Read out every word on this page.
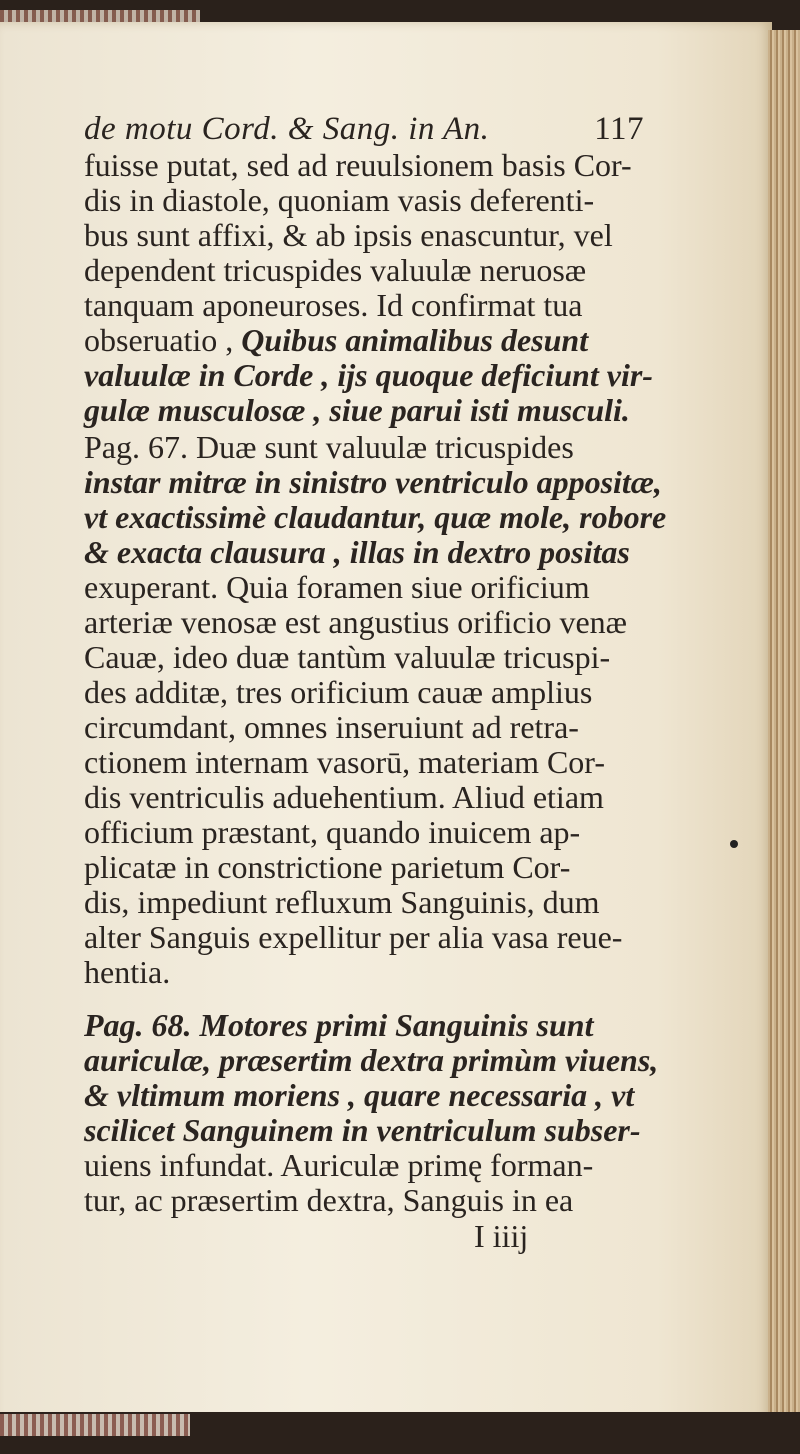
de motu Cord. & Sang. in An.	117
fuisse putat, sed ad reuulsionem basis Cor-
dis in diastole, quoniam vasis deferenti-
bus sunt affixi, & ab ipsis enascuntur, vel
dependent tricuspides valuulæ neruosæ
tanquam aponeuroses. Id confirmat tua
obseruatio , Quibus animalibus desunt
valuulæ in Corde , ijs quoque deficiunt vir-
gulæ musculosæ , siue parui isti musculi.
Pag. 67. Duæ sunt valuulæ tricuspides
instar mitræ in sinistro ventriculo appositæ,
vt exactissimè claudantur, quæ mole, robore
& exacta clausura , illas in dextro positas
exuperant. Quia foramen siue orificium
arteriæ venosæ est angustius orificio venæ
Cauæ, ideo duæ tantùm valuulæ tricuspi-
des additæ, tres orificium cauæ amplius
circumdant, omnes inseruiunt ad retra-
ctionem internam vasorū, materiam Cor-
dis ventriculis aduehentium. Aliud etiam
officium præstant, quando inuicem ap-
plicatæ in constrictione parietum Cor-
dis, impediunt refluxum Sanguinis, dum
alter Sanguis expellitur per alia vasa reue-
hentia.
Pag. 68. Motores primi Sanguinis sunt
auriculæ, præsertim dextra primùm viuens,
& vltimum moriens , quare necessaria , vt
scilicet Sanguinem in ventriculum subser-
uiens infundat. Auriculæ primę forman-
tur, ac præsertim dextra, Sanguis in ea
I iiij
